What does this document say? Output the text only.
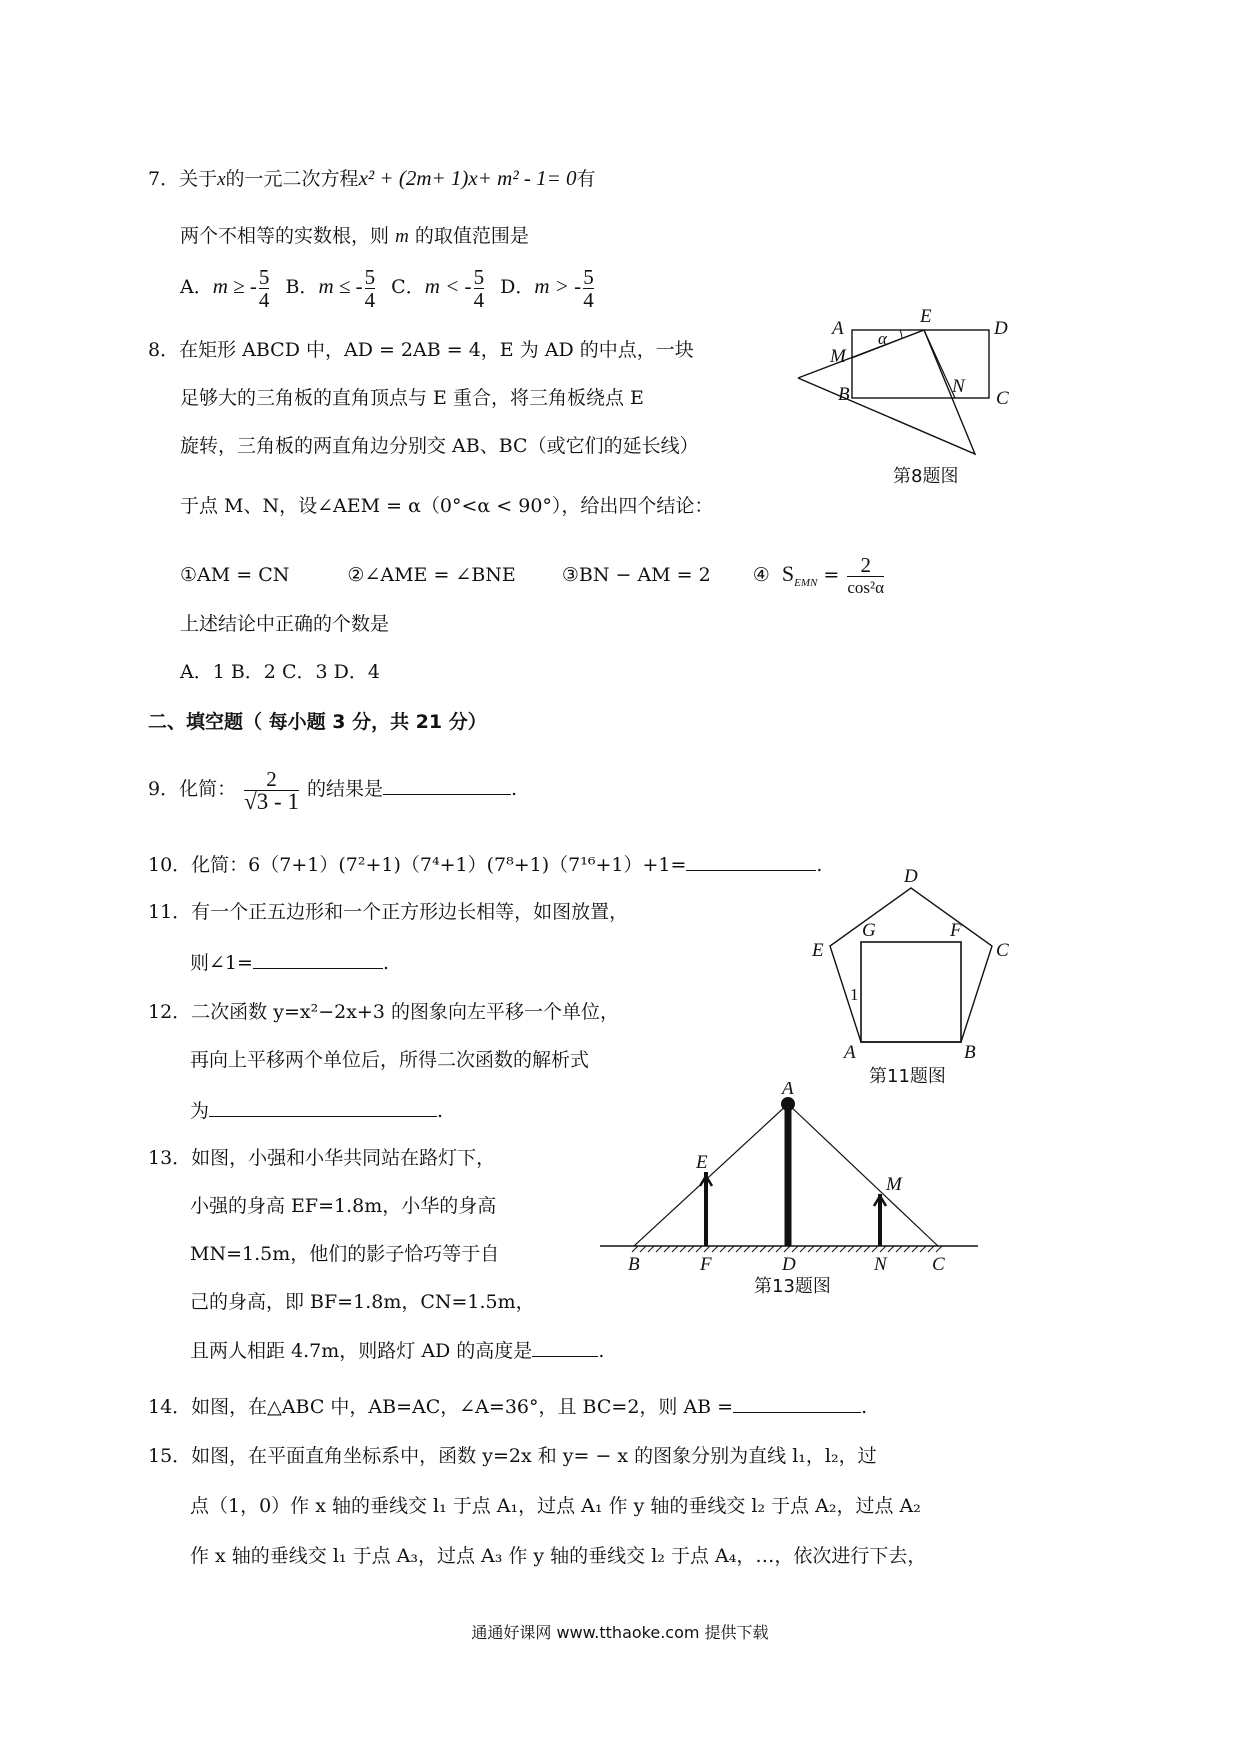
7．关于x的一元二次方程x² + (2m+ 1)x+ m² - 1= 0有
两个不相等的实数根，则 m 的取值范围是
A．m ≥ - $\frac{5}{4}$ B．m ≤ - $\frac{5}{4}$ C．m < - $\frac{5}{4}$ D．m > - $\frac{5}{4}$
8．在矩形 ABCD 中，AD = 2AB = 4，E 为 AD 的中点，一块
足够大的三角板的直角顶点与 E 重合，将三角板绕点 E
旋转，三角板的两直角边分别交 AB、BC（或它们的延长线）
于点 M、N，设∠AEM = α（0°<α < 90°），给出四个结论：
①AM = CN	②∠AME = ∠BNE ③BN − AM = 2 ④ $S_{EMN} = \frac{2}{\text{cos²α}}$
上述结论中正确的个数是
A．1 B．2 C．3 D．4
A
E
D
M
B	N
C
α
第8题图
二、填空题（ 每小题 3 分，共 21 分）
9．化简： $\frac{2}{√3 - 1}$ 的结果是	.
10．化简：6（7+1）(7²+1)（7⁴+1）(7⁸+1)（7¹⁶+1）+1=	.
11．有一个正五边形和一个正方形边长相等，如图放置，
则∠1=	.
D
E
G	F
C
A	B
1
第11题图
12．二次函数 y=x²−2x+3 的图象向左平移一个单位，
再向上平移两个单位后，所得二次函数的解析式
为	.
13．如图，小强和小华共同站在路灯下，
小强的身高 EF=1.8m，小华的身高
MN=1.5m，他们的影子恰巧等于自
己的身高，即 BF=1.8m，CN=1.5m，
且两人相距 4.7m，则路灯 AD 的高度是	.
A
E
M
B	F	D	N C
第13题图
14．如图，在△ABC 中，AB=AC，∠A=36°，且 BC=2，则 AB =	.
15．如图，在平面直角坐标系中，函数 y=2x 和 y= − x 的图象分别为直线 l₁，l₂，过
点（1，0）作 x 轴的垂线交 l₁ 于点 A₁，过点 A₁ 作 y 轴的垂线交 l₂ 于点 A₂，过点 A₂
作 x 轴的垂线交 l₁ 于点 A₃，过点 A₃ 作 y 轴的垂线交 l₂ 于点 A₄，…，依次进行下去，
通通好课网 www.tthaoke.com 提供下载
